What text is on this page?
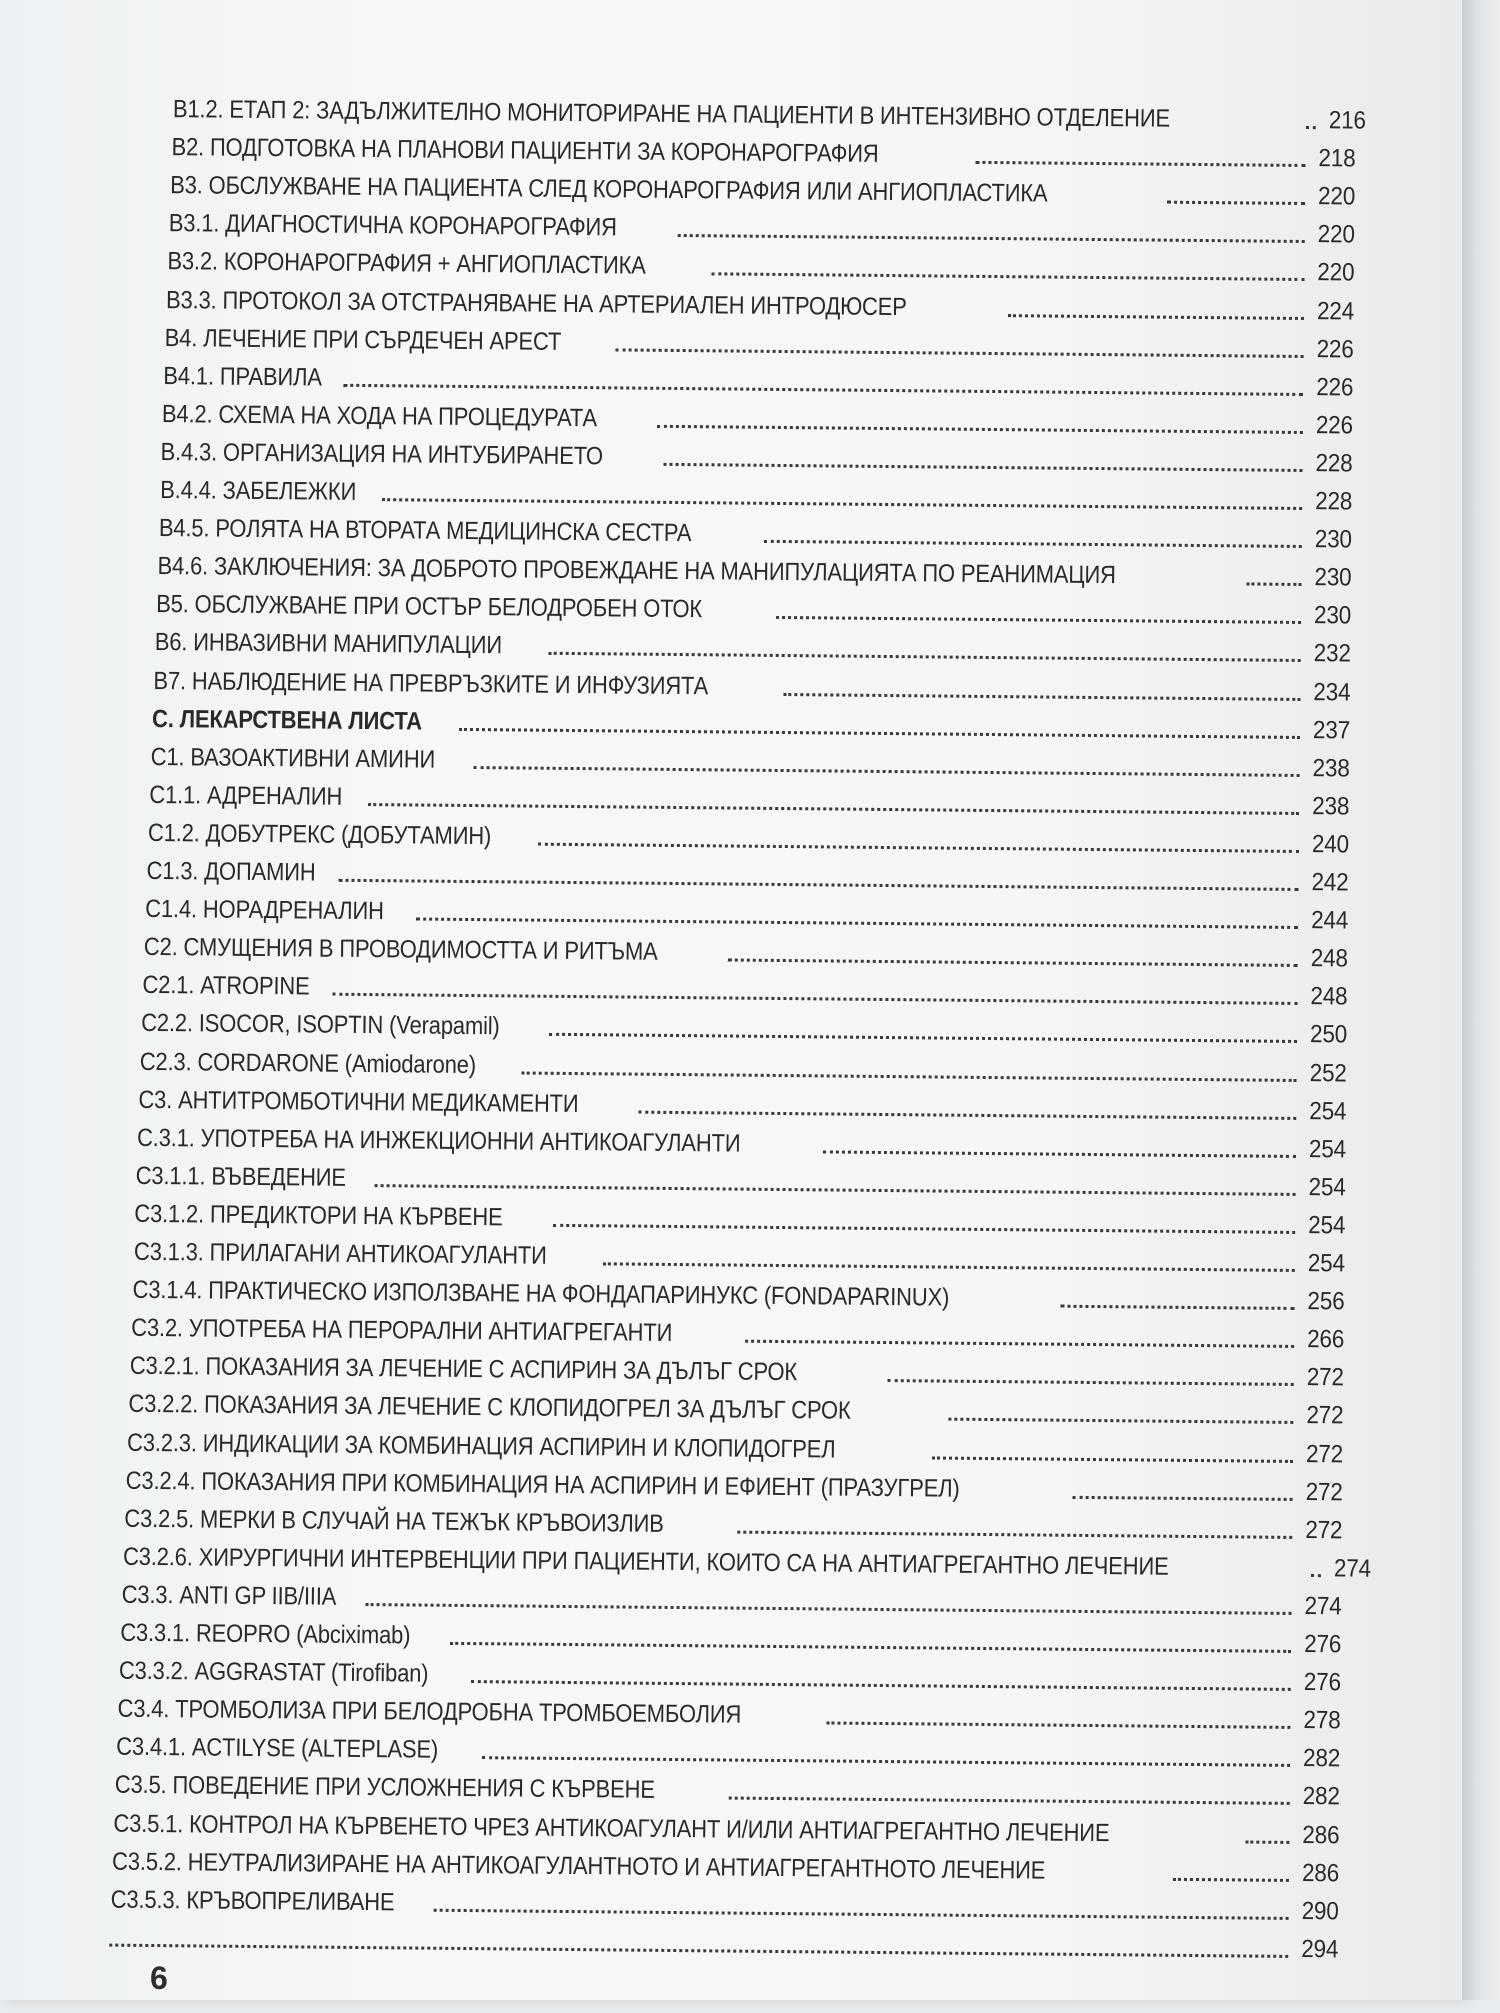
В1.2. ЕТАП 2: ЗАДЪЛЖИТЕЛНО МОНИТОРИРАНЕ НА ПАЦИЕНТИ В ИНТЕНЗИВНО ОТДЕЛЕНИЕ	216
В2. ПОДГОТОВКА НА ПЛАНОВИ ПАЦИЕНТИ ЗА КОРОНАРОГРАФИЯ	218
В3. ОБСЛУЖВАНЕ НА ПАЦИЕНТА СЛЕД КОРОНАРОГРАФИЯ ИЛИ АНГИОПЛАСТИКА	220
В3.1. ДИАГНОСТИЧНА КОРОНАРОГРАФИЯ	220
В3.2. КОРОНАРОГРАФИЯ + АНГИОПЛАСТИКА	220
В3.3. ПРОТОКОЛ ЗА ОТСТРАНЯВАНЕ НА АРТЕРИАЛЕН ИНТРОДЮСЕР	224
В4. ЛЕЧЕНИЕ ПРИ СЪРДЕЧЕН АРЕСТ	226
В4.1. ПРАВИЛА	226
В4.2. СХЕМА НА ХОДА НА ПРОЦЕДУРАТА	226
В.4.3. ОРГАНИЗАЦИЯ НА ИНТУБИРАНЕТО	228
В.4.4. ЗАБЕЛЕЖКИ	228
В4.5. РОЛЯТА НА ВТОРАТА МЕДИЦИНСКА СЕСТРА	230
В4.6. ЗАКЛЮЧЕНИЯ: ЗА ДОБРОТО ПРОВЕЖДАНЕ НА МАНИПУЛАЦИЯТА ПО РЕАНИМАЦИЯ	230
В5. ОБСЛУЖВАНЕ ПРИ ОСТЪР БЕЛОДРОБЕН ОТОК	230
В6. ИНВАЗИВНИ МАНИПУЛАЦИИ	232
В7. НАБЛЮДЕНИЕ НА ПРЕВРЪЗКИТЕ И ИНФУЗИЯТА	234
С. ЛЕКАРСТВЕНА ЛИСТА	237
С1. ВАЗОАКТИВНИ АМИНИ	238
С1.1. АДРЕНАЛИН	238
С1.2. ДОБУТРЕКС (ДОБУТАМИН)	240
С1.3. ДОПАМИН	242
С1.4. НОРАДРЕНАЛИН	244
С2. СМУЩЕНИЯ В ПРОВОДИМОСТТА И РИТЪМА	248
С2.1. ATROPINE	248
С2.2. ISOCOR, ISOPTIN (Verapamil)	250
С2.3. CORDARONE (Amiodarone)	252
С3. АНТИТРОМБОТИЧНИ МЕДИКАМЕНТИ	254
С.3.1. УПОТРЕБА НА ИНЖЕКЦИОННИ АНТИКОАГУЛАНТИ	254
С3.1.1. ВЪВЕДЕНИЕ	254
С3.1.2. ПРЕДИКТОРИ НА КЪРВЕНЕ	254
С3.1.3. ПРИЛАГАНИ АНТИКОАГУЛАНТИ	254
С3.1.4. ПРАКТИЧЕСКО ИЗПОЛЗВАНЕ НА ФОНДАПАРИНУКС (FONDAPARINUX)	256
С3.2. УПОТРЕБА НА ПЕРОРАЛНИ АНТИАГРЕГАНТИ	266
С3.2.1. ПОКАЗАНИЯ ЗА ЛЕЧЕНИЕ С АСПИРИН ЗА ДЪЛЪГ СРОК	272
С3.2.2. ПОКАЗАНИЯ ЗА ЛЕЧЕНИЕ С КЛОПИДОГРЕЛ ЗА ДЪЛЪГ СРОК	272
С3.2.3. ИНДИКАЦИИ ЗА КОМБИНАЦИЯ АСПИРИН И КЛОПИДОГРЕЛ	272
С3.2.4. ПОКАЗАНИЯ ПРИ КОМБИНАЦИЯ НА АСПИРИН И ЕФИЕНТ (ПРАЗУГРЕЛ)	272
С3.2.5. МЕРКИ В СЛУЧАЙ НА ТЕЖЪК КРЪВОИЗЛИВ	272
С3.2.6. ХИРУРГИЧНИ ИНТЕРВЕНЦИИ ПРИ ПАЦИЕНТИ, КОИТО СА НА АНТИАГРЕГАНТНО ЛЕЧЕНИЕ	274
С3.3. ANTI GP IIB/IIIA	274
С3.3.1. REOPRO (Abciximab)	276
С3.3.2. AGGRASTAT (Tirofiban)	276
С3.4. ТРОМБОЛИЗА ПРИ БЕЛОДРОБНА ТРОМБОЕМБОЛИЯ	278
С3.4.1. ACTILYSE (ALTEPLASE)	282
С3.5. ПОВЕДЕНИЕ ПРИ УСЛОЖНЕНИЯ С КЪРВЕНЕ	282
С3.5.1. КОНТРОЛ НА КЪРВЕНЕТО ЧРЕЗ АНТИКОАГУЛАНТ И/ИЛИ АНТИАГРЕГАНТНО ЛЕЧЕНИЕ	286
С3.5.2. НЕУТРАЛИЗИРАНЕ НА АНТИКОАГУЛАНТНОТО И АНТИАГРЕГАНТНОТО ЛЕЧЕНИЕ	286
С3.5.3. КРЪВОПРЕЛИВАНЕ	290
294
6
